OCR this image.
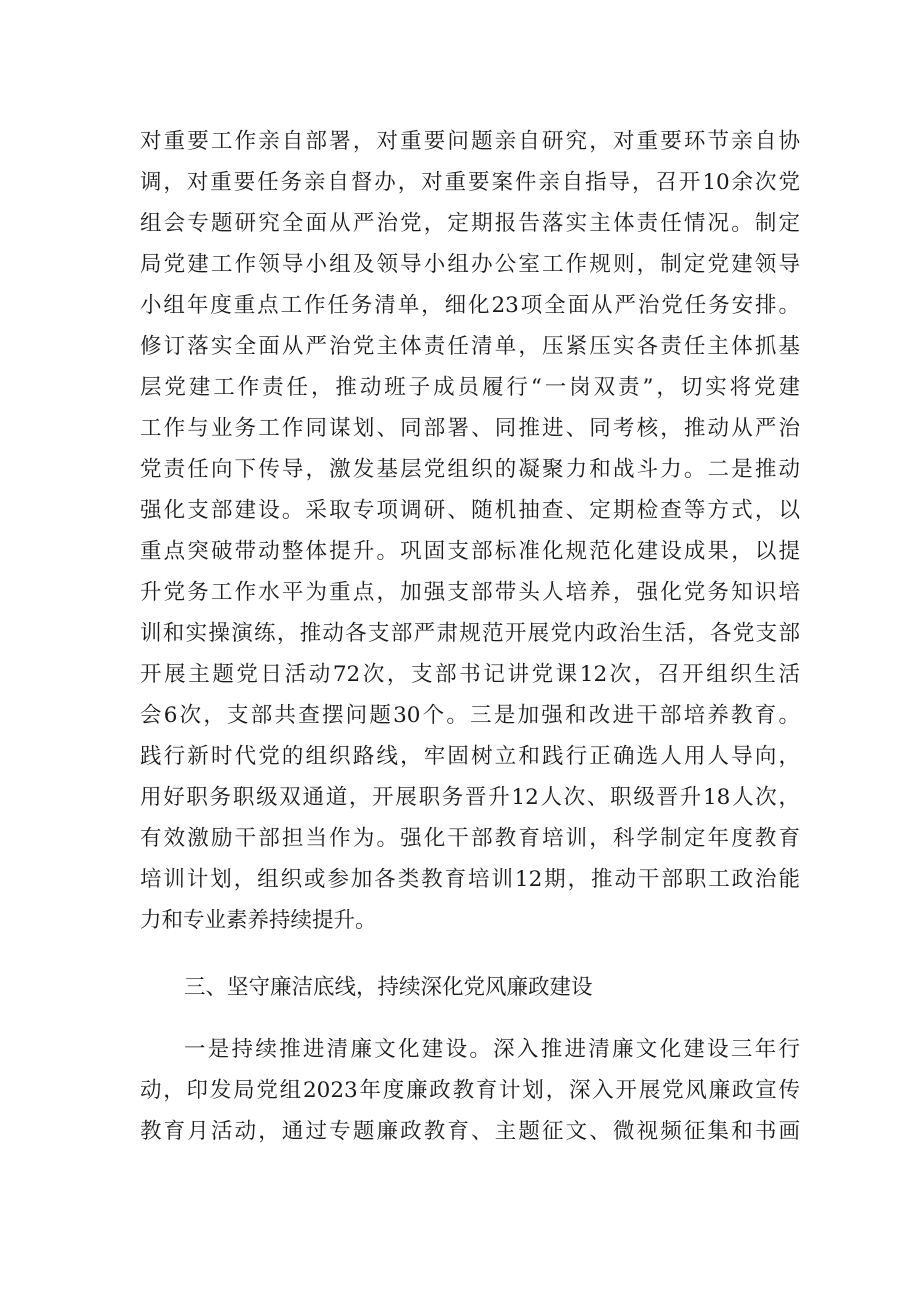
对重要工作亲自部署，对重要问题亲自研究，对重要环节亲自协
调，对重要任务亲自督办，对重要案件亲自指导，召开10余次党
组会专题研究全面从严治党，定期报告落实主体责任情况。制定
局党建工作领导小组及领导小组办公室工作规则，制定党建领导
小组年度重点工作任务清单，细化23项全面从严治党任务安排。
修订落实全面从严治党主体责任清单，压紧压实各责任主体抓基
层党建工作责任，推动班子成员履行“一岗双责”，切实将党建
工作与业务工作同谋划、同部署、同推进、同考核，推动从严治
党责任向下传导，激发基层党组织的凝聚力和战斗力。二是推动
强化支部建设。采取专项调研、随机抽查、定期检查等方式，以
重点突破带动整体提升。巩固支部标准化规范化建设成果，以提
升党务工作水平为重点，加强支部带头人培养，强化党务知识培
训和实操演练，推动各支部严肃规范开展党内政治生活，各党支部
开展主题党日活动72次，支部书记讲党课12次，召开组织生活
会6次，支部共查摆问题30个。三是加强和改进干部培养教育。
践行新时代党的组织路线，牢固树立和践行正确选人用人导向，
用好职务职级双通道，开展职务晋升12人次、职级晋升18人次，
有效激励干部担当作为。强化干部教育培训，科学制定年度教育
培训计划，组织或参加各类教育培训12期，推动干部职工政治能
力和专业素养持续提升。
三、坚守廉洁底线，持续深化党风廉政建设
一是持续推进清廉文化建设。深入推进清廉文化建设三年行
动，印发局党组2023年度廉政教育计划，深入开展党风廉政宣传
教育月活动，通过专题廉政教育、主题征文、微视频征集和书画
